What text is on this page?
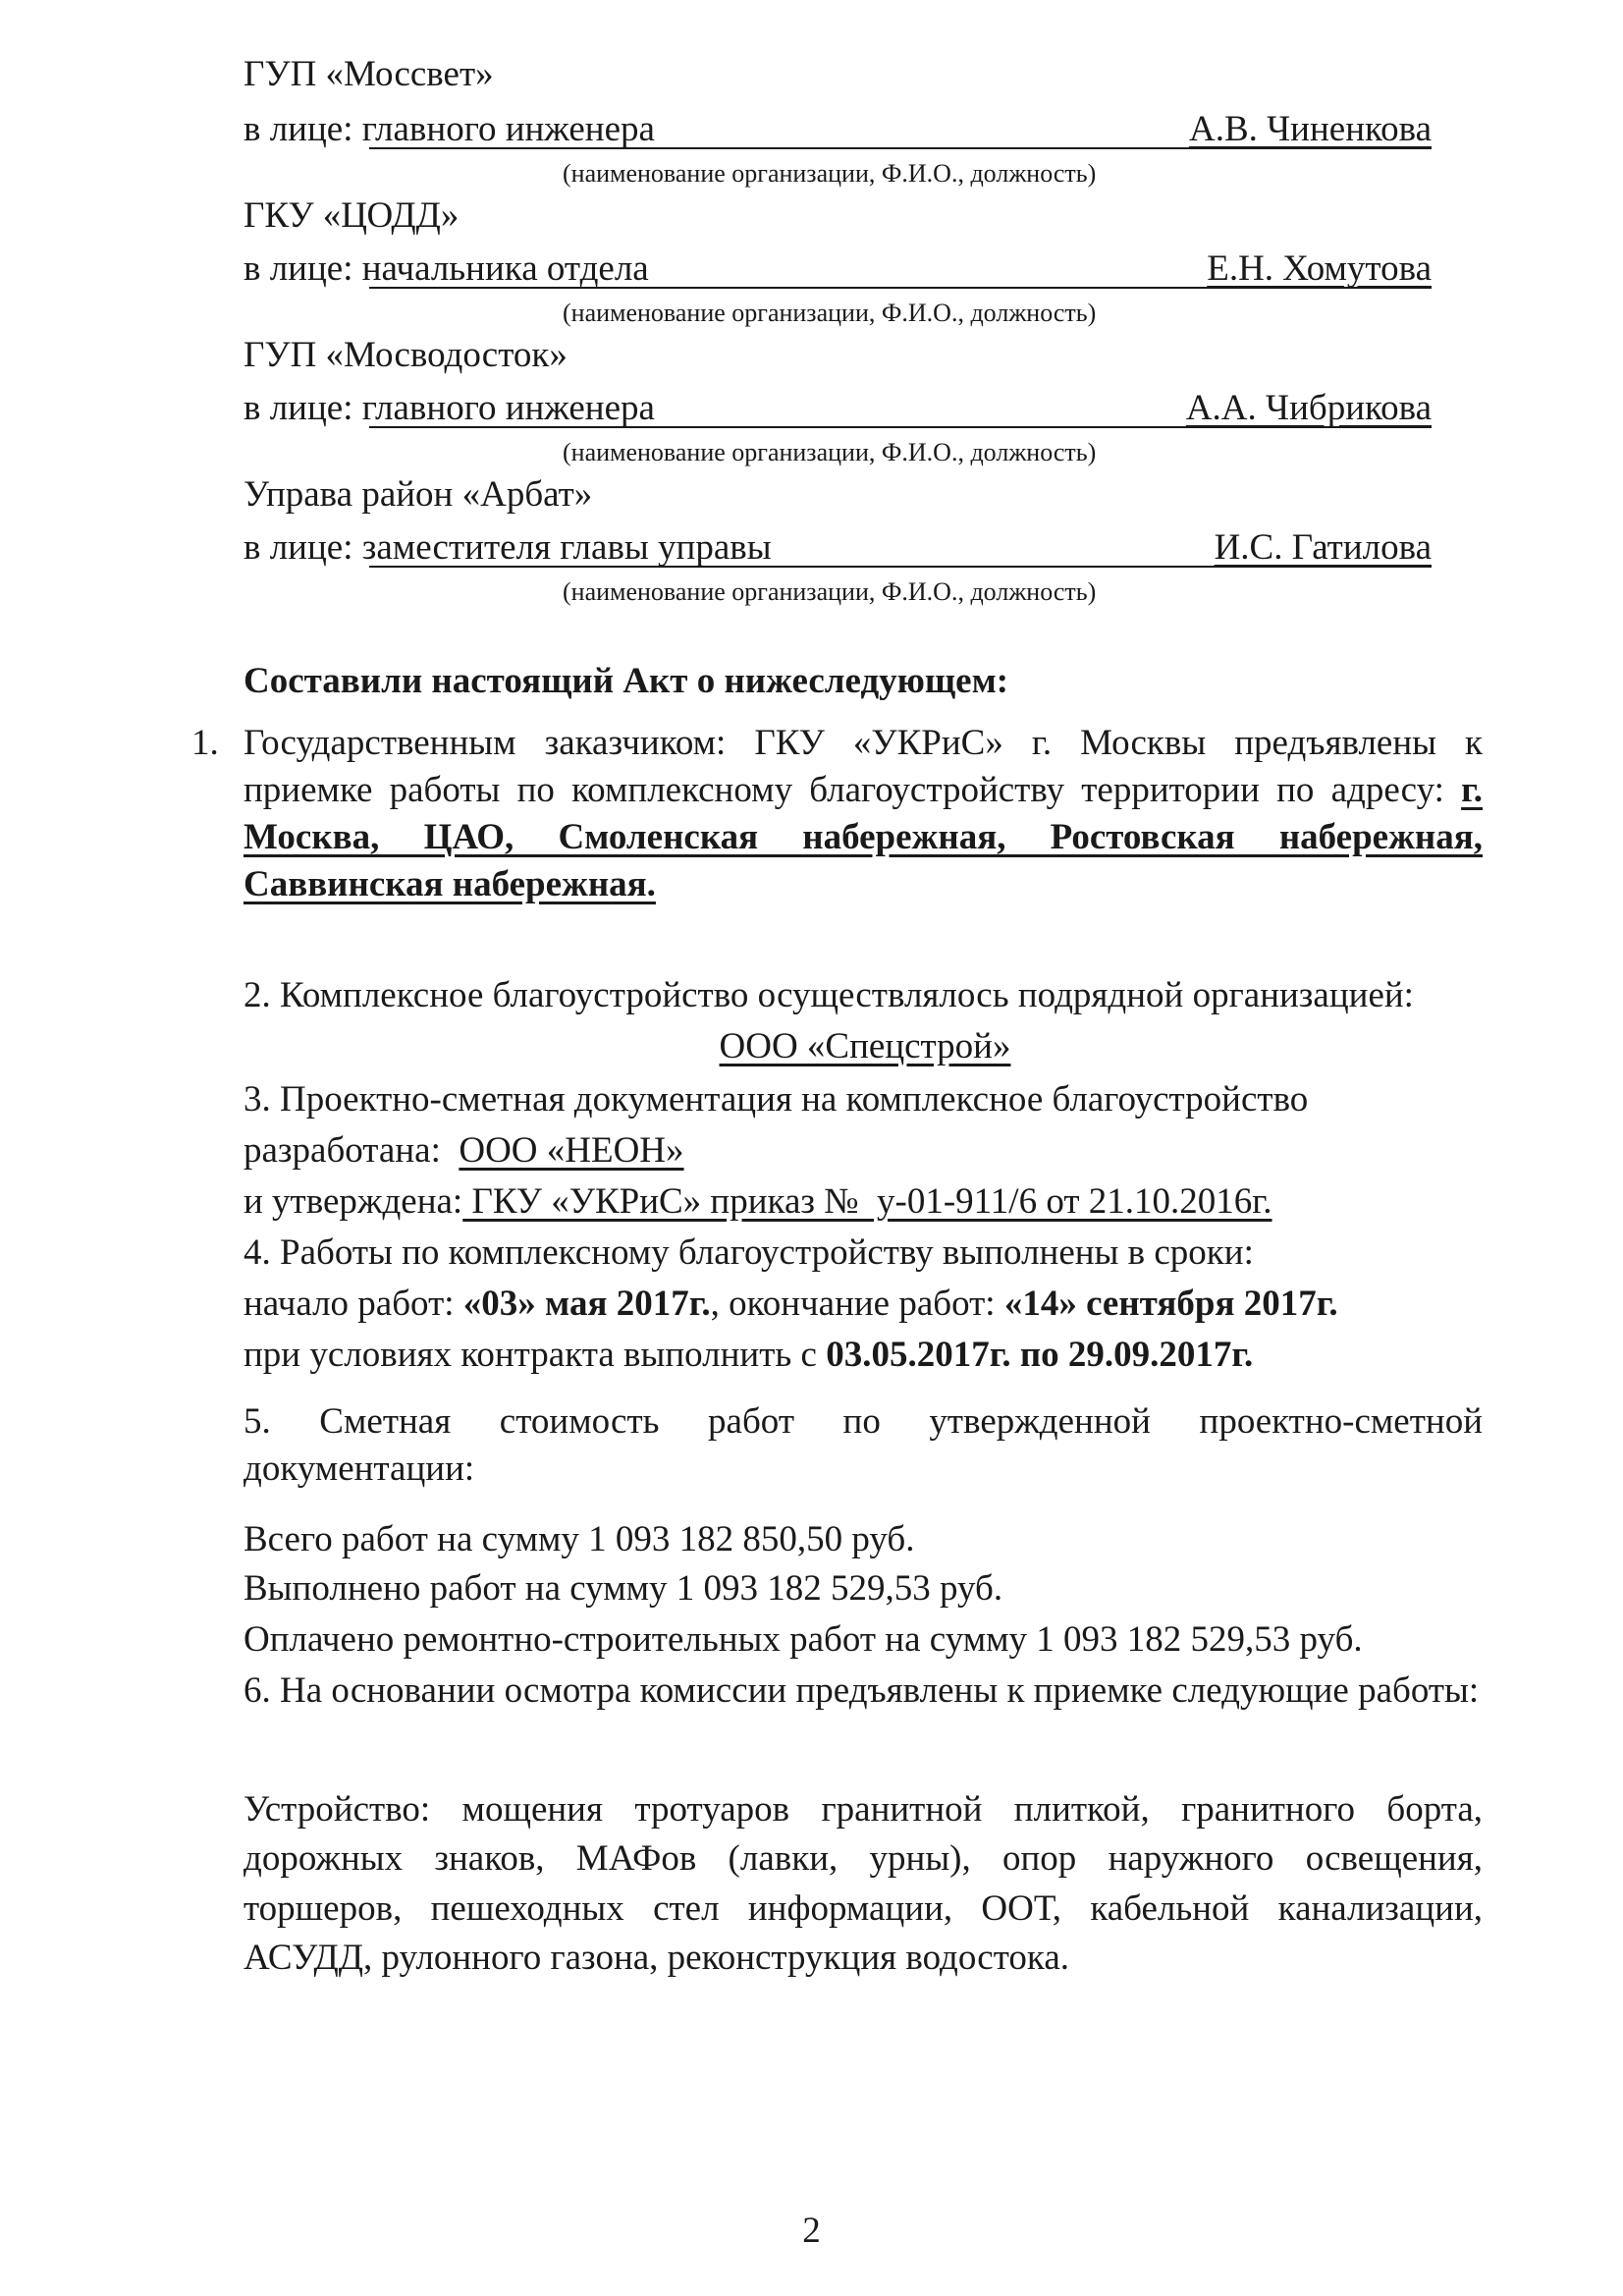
ГУП «Мосcвет»
в лице: главного инженера	А.В. Чиненкова
(наименование организации, Ф.И.О., должность)
ГКУ «ЦОДД»
в лице: начальника отдела	Е.Н. Хомутова
(наименование организации, Ф.И.О., должность)
ГУП «Мосводосток»
в лице: главного инженера	А.А. Чибрикова
(наименование организации, Ф.И.О., должность)
Управа район «Арбат»
в лице: заместителя главы управы	И.С. Гатилова
(наименование организации, Ф.И.О., должность)
Составили настоящий Акт о нижеследующем:
1. Государственным заказчиком: ГКУ «УКРиС» г. Москвы предъявлены к приемке работы по комплексному благоустройству территории по адресу: г. Москва, ЦАО, Смоленская набережная, Ростовская набережная, Саввинская набережная.
2. Комплексное благоустройство осуществлялось подрядной организацией:
ООО «Спецстрой»
3. Проектно-сметная документация на комплексное благоустройство
разработана: ООО «НЕОН»
и утверждена: ГКУ «УКРиС» приказ №  у-01-911/6 от 21.10.2016г.
4. Работы по комплексному благоустройству выполнены в сроки:
начало работ: «03» мая 2017г., окончание работ: «14» сентября 2017г.
при условиях контракта выполнить с 03.05.2017г. по 29.09.2017г.
5. Сметная стоимость работ по утвержденной проектно-сметной документации:
Всего работ на сумму 1 093 182 850,50 руб.
Выполнено работ на сумму 1 093 182 529,53 руб.
Оплачено ремонтно-строительных работ на сумму 1 093 182 529,53 руб.
6. На основании осмотра комиссии предъявлены к приемке следующие работы:
Устройство: мощения тротуаров гранитной плиткой, гранитного борта, дорожных знаков, МАФов (лавки, урны), опор наружного освещения, торшеров, пешеходных стел информации, ООТ, кабельной канализации, АСУДД, рулонного газона, реконструкция водостока.
2
